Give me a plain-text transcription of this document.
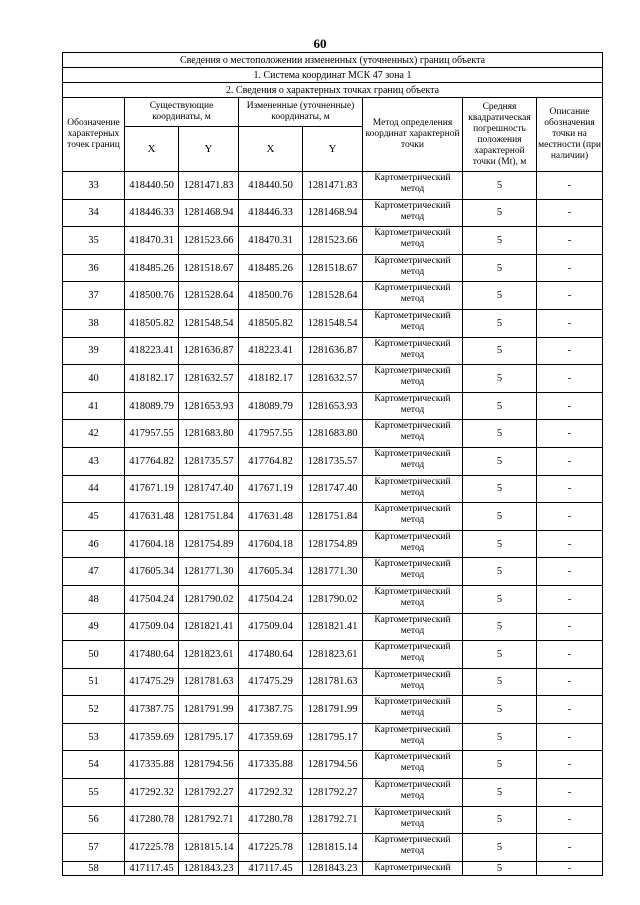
60
Сведения о местоположении измененных (уточненных) границ объекта							
1. Система координат МСК 47 зона 1							
2. Сведения о характерных точках границ объекта							
Обозначение характерных точек границ	Существующие координаты, м		Измененные (уточненные) координаты, м		Метод определения координат характерной точки	Средняя квадратическая погрешность положения характерной точки (Mt), м	Описание обозначения точки на местности (при наличии)
	X	Y	X	Y			
33	418440.50	1281471.83	418440.50	1281471.83	Картометрический метод	5	-
34	418446.33	1281468.94	418446.33	1281468.94	Картометрический метод	5	-
35	418470.31	1281523.66	418470.31	1281523.66	Картометрический метод	5	-
36	418485.26	1281518.67	418485.26	1281518.67	Картометрический метод	5	-
37	418500.76	1281528.64	418500.76	1281528.64	Картометрический метод	5	-
38	418505.82	1281548.54	418505.82	1281548.54	Картометрический метод	5	-
39	418223.41	1281636.87	418223.41	1281636.87	Картометрический метод	5	-
40	418182.17	1281632.57	418182.17	1281632.57	Картометрический метод	5	-
41	418089.79	1281653.93	418089.79	1281653.93	Картометрический метод	5	-
42	417957.55	1281683.80	417957.55	1281683.80	Картометрический метод	5	-
43	417764.82	1281735.57	417764.82	1281735.57	Картометрический метод	5	-
44	417671.19	1281747.40	417671.19	1281747.40	Картометрический метод	5	-
45	417631.48	1281751.84	417631.48	1281751.84	Картометрический метод	5	-
46	417604.18	1281754.89	417604.18	1281754.89	Картометрический метод	5	-
47	417605.34	1281771.30	417605.34	1281771.30	Картометрический метод	5	-
48	417504.24	1281790.02	417504.24	1281790.02	Картометрический метод	5	-
49	417509.04	1281821.41	417509.04	1281821.41	Картометрический метод	5	-
50	417480.64	1281823.61	417480.64	1281823.61	Картометрический метод	5	-
51	417475.29	1281781.63	417475.29	1281781.63	Картометрический метод	5	-
52	417387.75	1281791.99	417387.75	1281791.99	Картометрический метод	5	-
53	417359.69	1281795.17	417359.69	1281795.17	Картометрический метод	5	-
54	417335.88	1281794.56	417335.88	1281794.56	Картометрический метод	5	-
55	417292.32	1281792.27	417292.32	1281792.27	Картометрический метод	5	-
56	417280.78	1281792.71	417280.78	1281792.71	Картометрический метод	5	-
57	417225.78	1281815.14	417225.78	1281815.14	Картометрический метод	5	-
58	417117.45	1281843.23	417117.45	1281843.23	Картометрический	5	-
